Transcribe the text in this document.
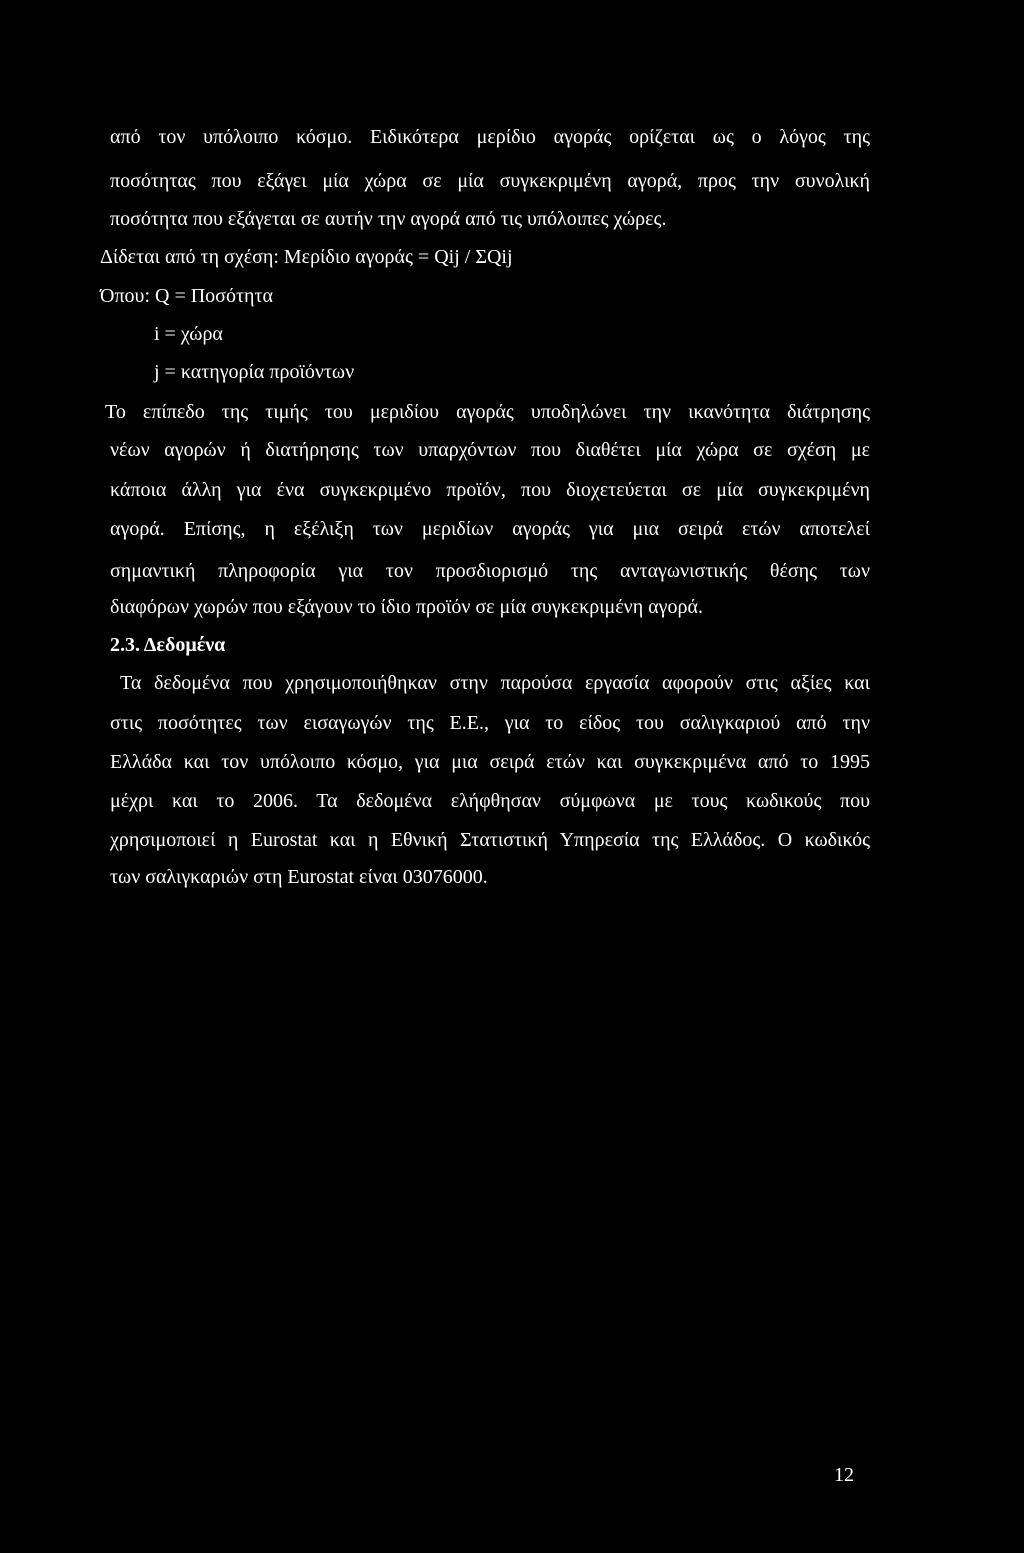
από τον υπόλοιπο κόσμο. Ειδικότερα μερίδιο αγοράς ορίζεται ως ο λόγος της
ποσότητας που εξάγει μία χώρα σε μία συγκεκριμένη αγορά, προς την συνολική
ποσότητα που εξάγεται σε αυτήν την αγορά από τις υπόλοιπες χώρες.
Δίδεται από τη σχέση: Μερίδιο αγοράς = Qij / ΣQij
Όπου: Q = Ποσότητα
i = χώρα
j = κατηγορία προϊόντων
Το επίπεδο της τιμής του μεριδίου αγοράς υποδηλώνει την ικανότητα διάτρησης
νέων αγορών ή διατήρησης των υπαρχόντων που διαθέτει μία χώρα σε σχέση με
κάποια άλλη για ένα συγκεκριμένο προϊόν, που διοχετεύεται σε μία συγκεκριμένη
αγορά. Επίσης, η εξέλιξη των μεριδίων αγοράς για μια σειρά ετών αποτελεί
σημαντική πληροφορία για τον προσδιορισμό της ανταγωνιστικής θέσης των
διαφόρων χωρών που εξάγουν το ίδιο προϊόν σε μία συγκεκριμένη αγορά.
2.3. Δεδομένα
Τα δεδομένα που χρησιμοποιήθηκαν στην παρούσα εργασία αφορούν στις αξίες και
στις ποσότητες των εισαγωγών της Ε.Ε., για το είδος του σαλιγκαριού από την
Ελλάδα και τον υπόλοιπο κόσμο, για μια σειρά ετών και συγκεκριμένα από το 1995
μέχρι και το 2006. Τα δεδομένα ελήφθησαν σύμφωνα με τους κωδικούς που
χρησιμοποιεί η Eurostat και η Εθνική Στατιστική Υπηρεσία της Ελλάδος. Ο κωδικός
των σαλιγκαριών στη Eurostat είναι 03076000.
12
